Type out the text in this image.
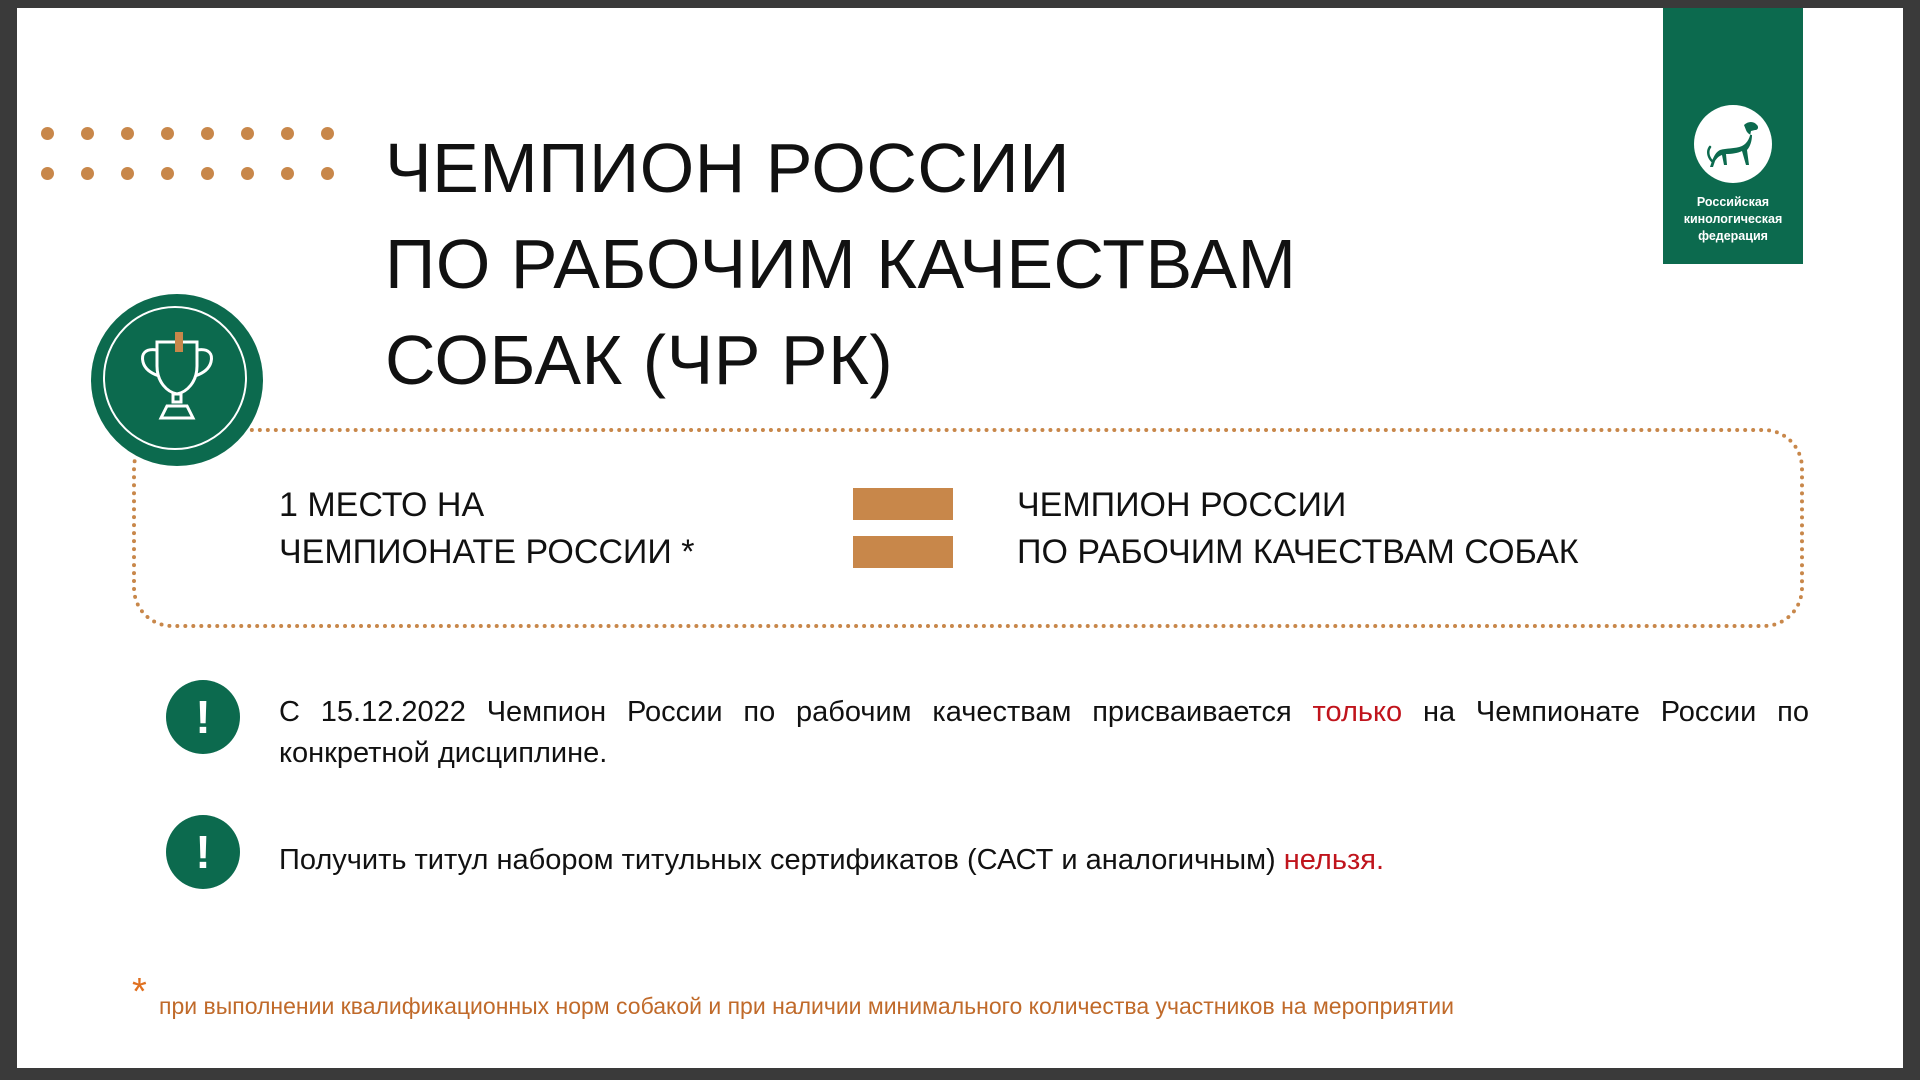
ЧЕМПИОН РОССИИ
ПО РАБОЧИМ КАЧЕСТВАМ
СОБАК (ЧР РК)
Российская
кинологическая
федерация
1 МЕСТО НА
ЧЕМПИОНАТЕ РОССИИ *
ЧЕМПИОН РОССИИ
ПО РАБОЧИМ КАЧЕСТВАМ СОБАК
!	С 15.12.2022 Чемпион России по рабочим качествам присваивается только на Чемпионате России по конкретной дисциплине.
!	Получить титул набором титульных сертификатов (САСТ и аналогичным) нельзя.
* при выполнении квалификационных норм собакой и при наличии минимального количества участников на мероприятии
